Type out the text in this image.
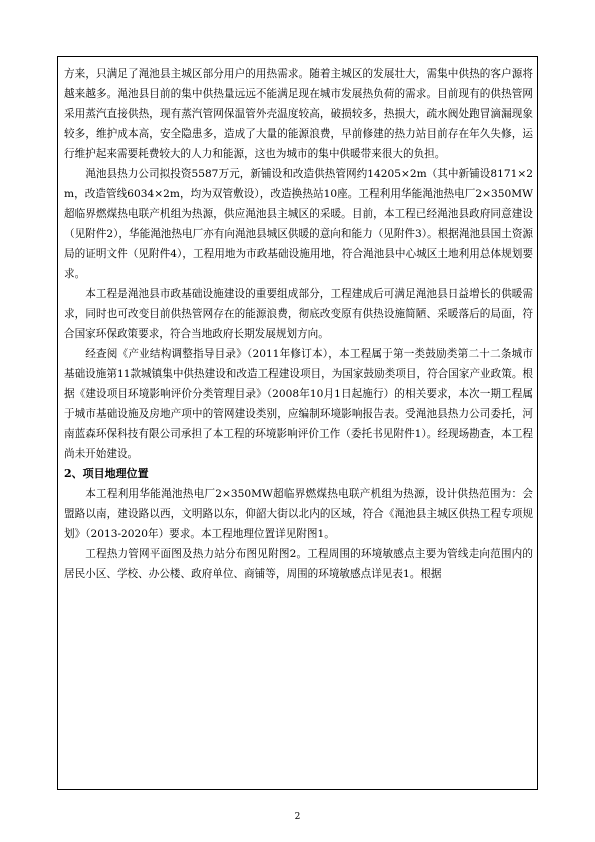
方来，只满足了渑池县主城区部分用户的用热需求。随着主城区的发展壮大，需集中供热的客户源将越来越多。渑池县目前的集中供热量远远不能满足现在城市发展热负荷的需求。目前现有的供热管网采用蒸汽直接供热，现有蒸汽管网保温管外壳温度较高，破损较多，热损大，疏水阀处跑冒滴漏现象较多，维护成本高，安全隐患多，造成了大量的能源浪费，早前修建的热力站目前存在年久失修，运行维护起来需要耗费较大的人力和能源，这也为城市的集中供暖带来很大的负担。

渑池县热力公司拟投资5587万元，新铺设和改造供热管网约14205×2m（其中新铺设8171×2m，改造管线6034×2m，均为双管敷设），改造换热站10座。工程利用华能渑池热电厂2×350MW超临界燃煤热电联产机组为热源，供应渑池县主城区的采暖。目前，本工程已经渑池县政府同意建设（见附件2），华能渑池热电厂亦有向渑池县城区供暖的意向和能力（见附件3）。根据渑池县国土资源局的证明文件（见附件4），工程用地为市政基础设施用地，符合渑池县中心城区土地利用总体规划要求。

本工程是渑池县市政基础设施建设的重要组成部分，工程建成后可满足渑池县日益增长的供暖需求，同时也可改变目前供热管网存在的能源浪费，彻底改变原有供热设施简陋、采暖落后的局面，符合国家环保政策要求，符合当地政府长期发展规划方向。

经查阅《产业结构调整指导目录》（2011年修订本），本工程属于第一类鼓励类第二十二条城市基础设施第11款城镇集中供热建设和改造工程建设项目，为国家鼓励类项目，符合国家产业政策。根据《建设项目环境影响评价分类管理目录》（2008年10月1日起施行）的相关要求，本次一期工程属于城市基础设施及房地产项中的管网建设类别，应编制环境影响报告表。受渑池县热力公司委托，河南蓝森环保科技有限公司承担了本工程的环境影响评价工作（委托书见附件1）。经现场勘查，本工程尚未开始建设。

2、项目地理位置

本工程利用华能渑池热电厂2×350MW超临界燃煤热电联产机组为热源，设计供热范围为：会盟路以南，建设路以西，文明路以东，仰韶大街以北内的区域，符合《渑池县主城区供热工程专项规划》（2013-2020年）要求。本工程地理位置详见附图1。

工程热力管网平面图及热力站分布图见附图2。工程周围的环境敏感点主要为管线走向范围内的居民小区、学校、办公楼、政府单位、商铺等，周围的环境敏感点详见表1。根据

2
